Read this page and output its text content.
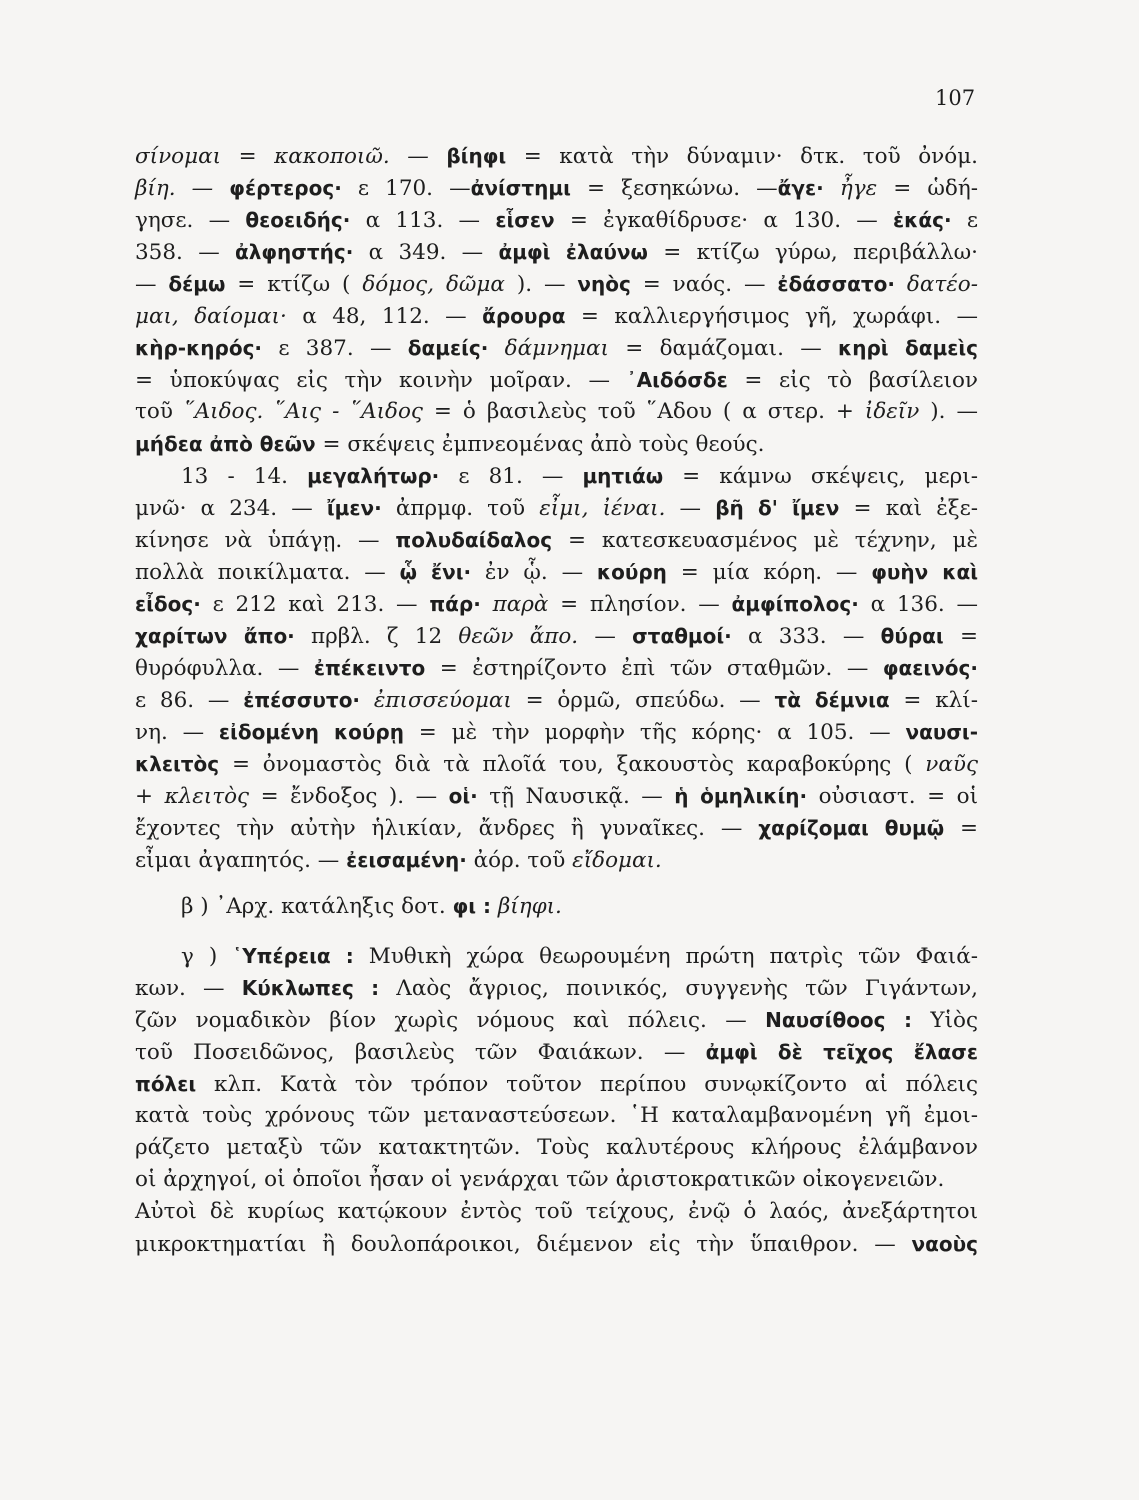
107
σίνομαι = κακοποιῶ. — βίηφι = κατὰ τὴν δύναμιν· δτκ. τοῦ ὀνόμ.
βίη. — φέρτερος· ε 170. —ἀνίστημι = ξεσηκώνω. —ἄγε· ἦγε = ὡδή-
γησε. — θεοειδής· α 113. — εἷσεν = ἐγκαθίδρυσε· α 130. — ἑκάς· ε
358. — ἀλφηστής· α 349. — ἀμφὶ ἐλαύνω = κτίζω γύρω, περιβάλλω·
— δέμω = κτίζω ( δόμος, δῶμα ). — νηὸς = ναός. — ἐδάσσατο· δατέο-
μαι, δαίομαι· α 48, 112. — ἄρουρα = καλλιεργήσιμος γῆ, χωράφι. —
κὴρ-κηρός· ε 387. — δαμείς· δάμνημαι = δαμάζομαι. — κηρὶ δαμεὶς
= ὑποκύψας εἰς τὴν κοινὴν μοῖραν. — ᾿Αιδόσδε = εἰς τὸ βασίλειον
τοῦ ῞Αιδος. ῞Αις - ῞Αιδος = ὁ βασιλεὺς τοῦ ῞Αδου ( α στερ. + ἰδεῖν ). —
μήδεα ἀπὸ θεῶν = σκέψεις ἐμπνεομένας ἀπὸ τοὺς θεούς.
13 - 14. μεγαλήτωρ· ε 81. — μητιάω = κάμνω σκέψεις, μερι-
μνῶ· α 234. — ἴμεν· ἀπρμφ. τοῦ εἶμι, ἰέναι. — βῆ δ' ἴμεν = καὶ ἐξε-
κίνησε νὰ ὑπάγῃ. — πολυδαίδαλος = κατεσκευασμένος μὲ τέχνην, μὲ
πολλὰ ποικίλματα. — ᾧ ἔνι· ἐν ᾧ. — κούρη = μία κόρη. — φυὴν καὶ
εἶδος· ε 212 καὶ 213. — πάρ· παρὰ = πλησίον. — ἀμφίπολος· α 136. —
χαρίτων ἄπο· πρβλ. ζ 12 θεῶν ἄπο. — σταθμοί· α 333. — θύραι =
θυρόφυλλα. — ἐπέκειντο = ἐστηρίζοντο ἐπὶ τῶν σταθμῶν. — φαεινός·
ε 86. — ἐπέσσυτο· ἐπισσεύομαι = ὁρμῶ, σπεύδω. — τὰ δέμνια = κλί-
νη. — εἰδομένη κούρῃ = μὲ τὴν μορφὴν τῆς κόρης· α 105. — ναυσι-
κλειτὸς = ὀνομαστὸς διὰ τὰ πλοῖά του, ξακουστὸς καραβοκύρης ( ναῦς
+ κλειτὸς = ἔνδοξος ). — οἱ· τῇ Ναυσικᾷ. — ἡ ὁμηλικίη· οὐσιαστ. = οἱ
ἔχοντες τὴν αὐτὴν ἡλικίαν, ἄνδρες ἢ γυναῖκες. — χαρίζομαι θυμῷ =
εἶμαι ἀγαπητός. — ἐεισαμένη· ἀόρ. τοῦ εἴδομαι.
β ) ᾿Αρχ. κατάληξις δοτ. φι : βίηφι.
γ ) ῾Υπέρεια : Μυθικὴ χώρα θεωρουμένη πρώτη πατρὶς τῶν Φαιά-
κων. — Κύκλωπες : Λαὸς ἄγριος, ποινικός, συγγενὴς τῶν Γιγάντων,
ζῶν νομαδικὸν βίον χωρὶς νόμους καὶ πόλεις. — Ναυσίθοος : Υἱὸς
τοῦ Ποσειδῶνος, βασιλεὺς τῶν Φαιάκων. — ἀμφὶ δὲ τεῖχος ἔλασε
πόλει κλπ. Κατὰ τὸν τρόπον τοῦτον περίπου συνῳκίζοντο αἱ πόλεις
κατὰ τοὺς χρόνους τῶν μεταναστεύσεων. ῾Η καταλαμβανομένη γῆ ἐμοι-
ράζετο μεταξὺ τῶν κατακτητῶν. Τοὺς καλυτέρους κλήρους ἐλάμβανον
οἱ ἀρχηγοί, οἱ ὁποῖοι ἦσαν οἱ γενάρχαι τῶν ἀριστοκρατικῶν οἰκογενειῶν.
Αὐτοὶ δὲ κυρίως κατῴκουν ἐντὸς τοῦ τείχους, ἐνῷ ὁ λαός, ἀνεξάρτητοι
μικροκτηματίαι ἢ δουλοπάροικοι, διέμενον εἰς τὴν ὕπαιθρον. — ναοὺς
